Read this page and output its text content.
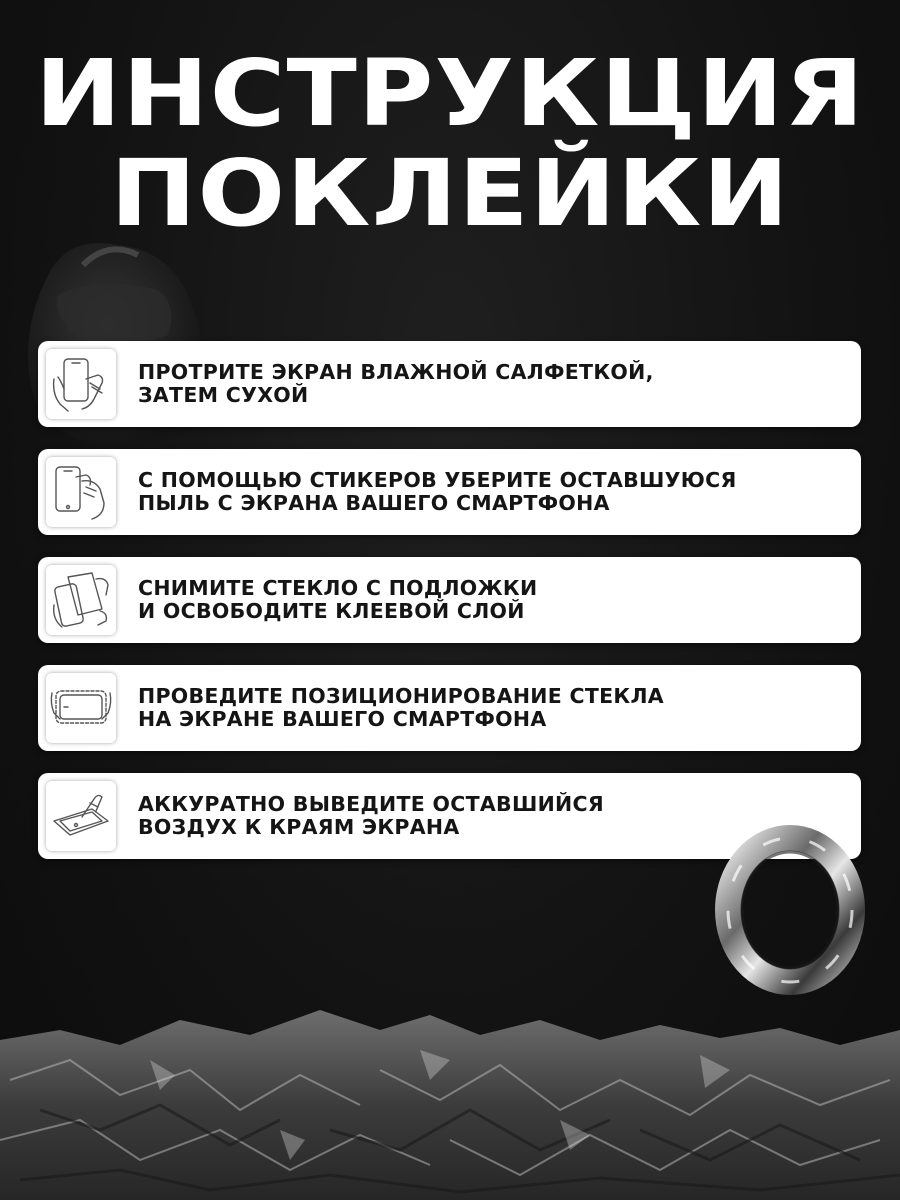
ИНСТРУКЦИЯ
ПОКЛЕЙКИ
ПРОТРИТЕ ЭКРАН ВЛАЖНОЙ САЛФЕТКОЙ,
ЗАТЕМ СУХОЙ
С ПОМОЩЬЮ СТИКЕРОВ УБЕРИТЕ ОСТАВШУЮСЯ
ПЫЛЬ С ЭКРАНА ВАШЕГО СМАРТФОНА
СНИМИТЕ СТЕКЛО С ПОДЛОЖКИ
И ОСВОБОДИТЕ КЛЕЕВОЙ СЛОЙ
ПРОВЕДИТЕ ПОЗИЦИОНИРОВАНИЕ СТЕКЛА
НА ЭКРАНЕ ВАШЕГО СМАРТФОНА
АККУРАТНО ВЫВЕДИТЕ ОСТАВШИЙСЯ
ВОЗДУХ К КРАЯМ ЭКРАНА
